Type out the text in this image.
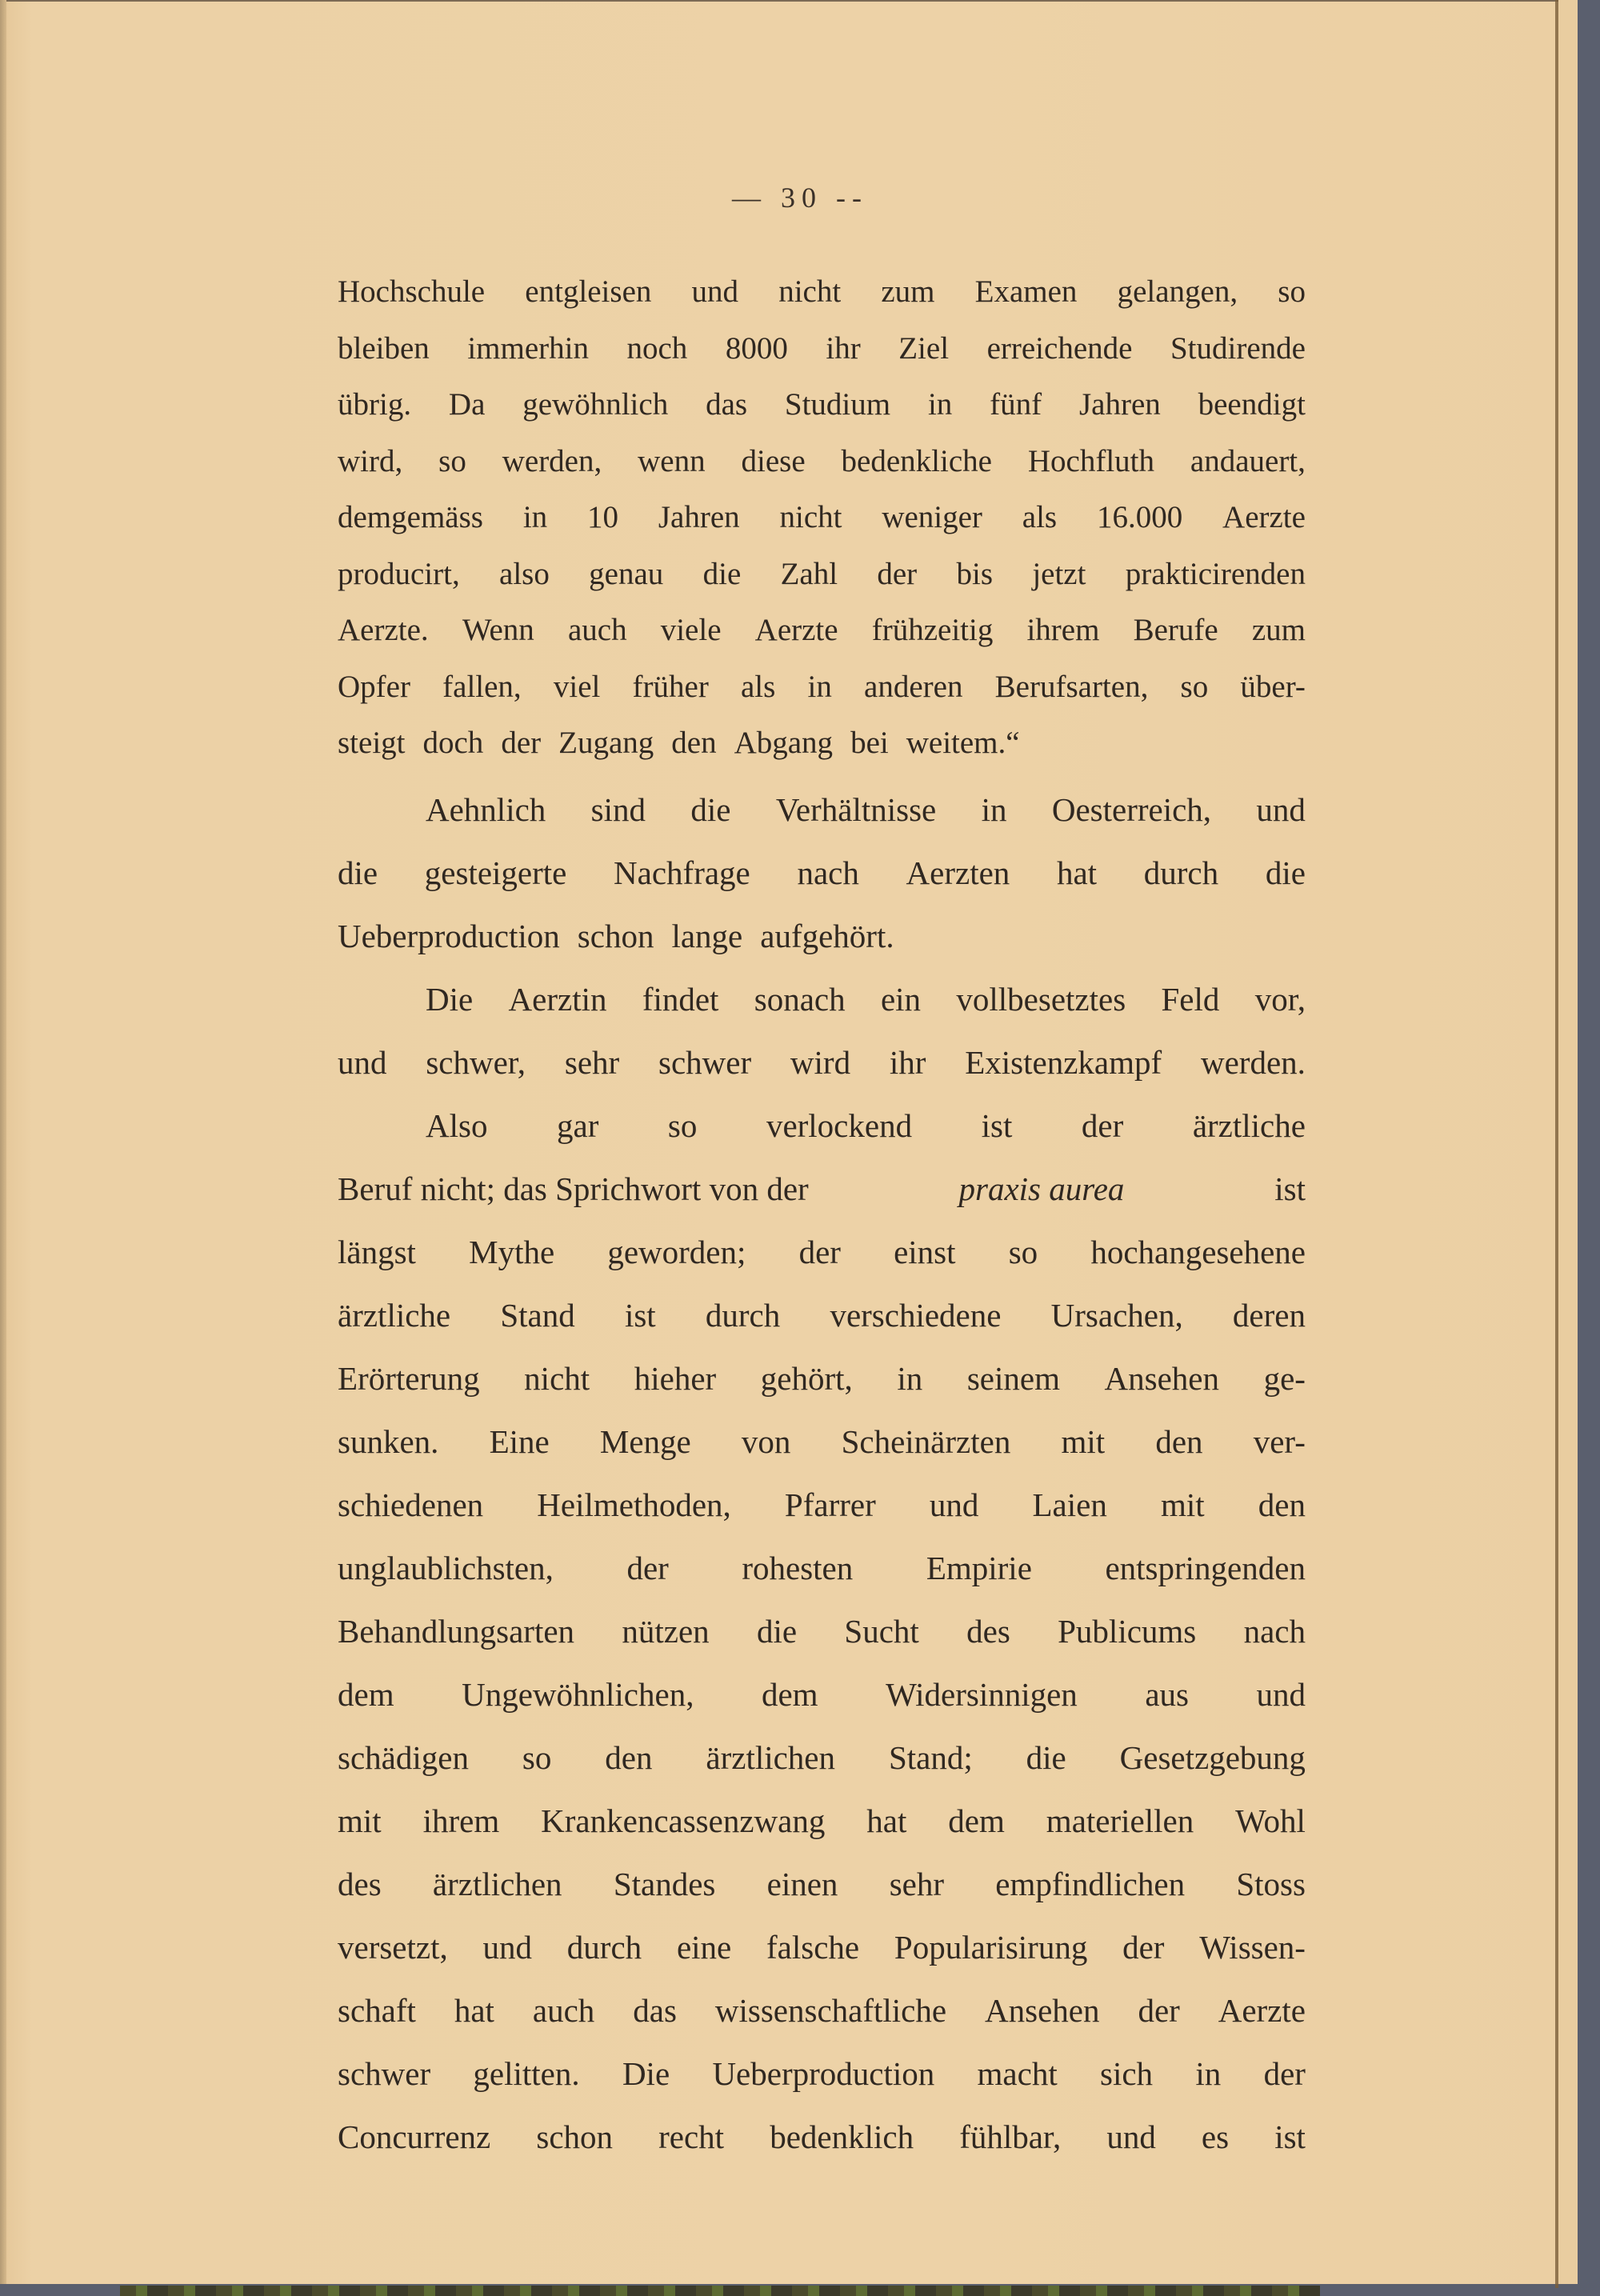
— 30 --
Hochschule entgleisen und nicht zum Examen gelangen, so
bleiben immerhin noch 8000 ihr Ziel erreichende Studirende
übrig. Da gewöhnlich das Studium in fünf Jahren beendigt
wird, so werden, wenn diese bedenkliche Hochfluth andauert,
demgemäss in 10 Jahren nicht weniger als 16.000 Aerzte
producirt, also genau die Zahl der bis jetzt prakticirenden
Aerzte. Wenn auch viele Aerzte frühzeitig ihrem Berufe zum
Opfer fallen, viel früher als in anderen Berufsarten, so über-
steigt doch der Zugang den Abgang bei weitem.“
Aehnlich sind die Verhältnisse in Oesterreich, und
die gesteigerte Nachfrage nach Aerzten hat durch die
Ueberproduction schon lange aufgehört.
Die Aerztin findet sonach ein vollbesetztes Feld vor,
und schwer, sehr schwer wird ihr Existenzkampf werden.
Also gar so verlockend ist der ärztliche
Beruf nicht; das Sprichwort von der	praxis aurea	ist
längst Mythe geworden; der einst so hochangesehene
ärztliche Stand ist durch verschiedene Ursachen, deren
Erörterung nicht hieher gehört, in seinem Ansehen ge-
sunken. Eine Menge von Scheinärzten mit den ver-
schiedenen Heilmethoden, Pfarrer und Laien mit den
unglaublichsten, der rohesten Empirie entspringenden
Behandlungsarten nützen die Sucht des Publicums nach
dem Ungewöhnlichen, dem Widersinnigen aus und
schädigen so den ärztlichen Stand; die Gesetzgebung
mit ihrem Krankencassenzwang hat dem materiellen Wohl
des ärztlichen Standes einen sehr empfindlichen Stoss
versetzt, und durch eine falsche Popularisirung der Wissen-
schaft hat auch das wissenschaftliche Ansehen der Aerzte
schwer gelitten. Die Ueberproduction macht sich in der
Concurrenz schon recht bedenklich fühlbar, und es ist
